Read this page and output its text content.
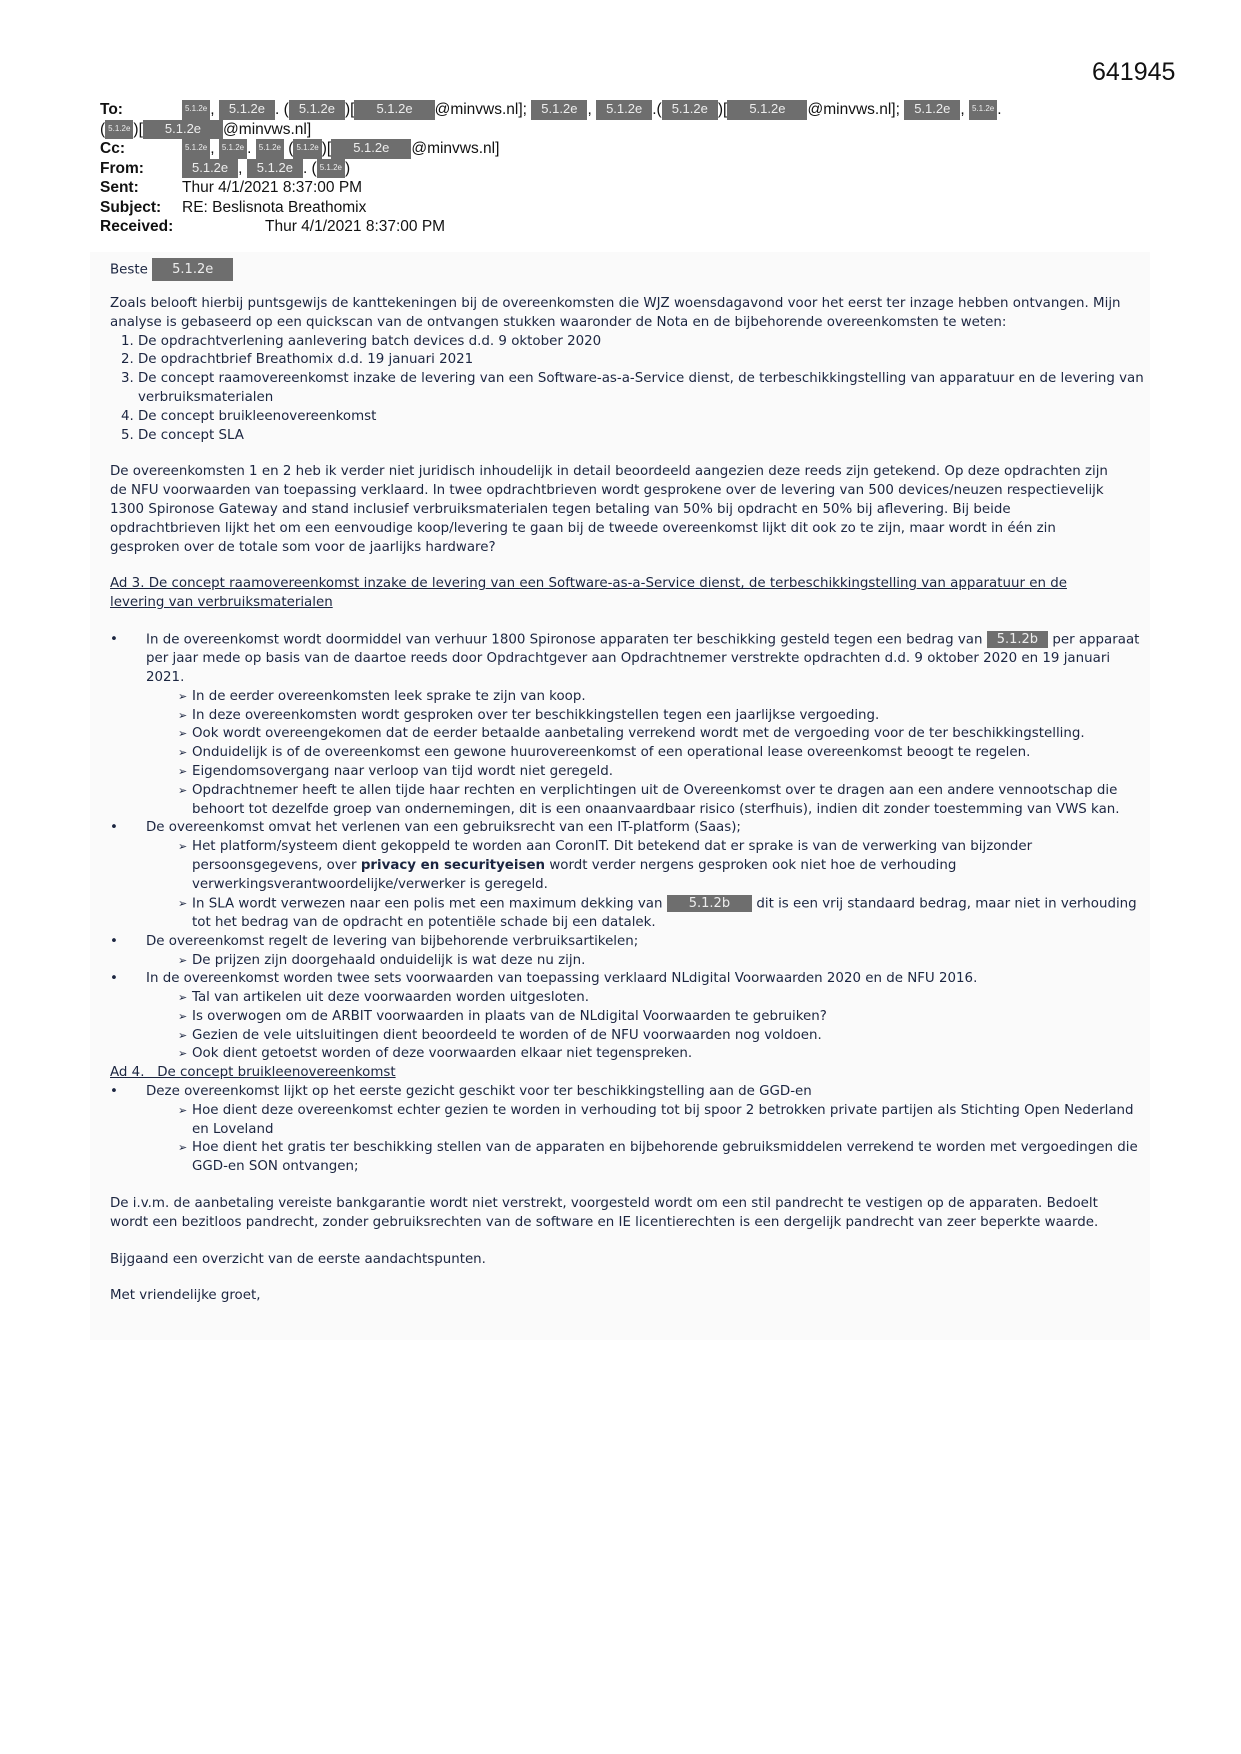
641945
To:	5.1.2e , 5.1.2e . ( 5.1.2e )[	5.1.2e	@minvws.nl];
	5.1.2e , 5.1.2e .( 5.1.2e )[	5.1.2e	@minvws.nl];
	5.1.2e , 5.1.2e .
( 5.1.2e )[	5.1.2e	@minvws.nl]
Cc:	5.1.2e , 5.1.2e . 5.1.2e ( 5.1.2e )[	5.1.2e	@minvws.nl]
From:	5.1.2e , 5.1.2e . ( 5.1.2e )
Sent:	Thur 4/1/2021 8:37:00 PM
Subject:	RE: Beslisnota Breathomix
Received:	Thur 4/1/2021 8:37:00 PM

Beste 5.1.2e

Zoals belooft hierbij puntsgewijs de kanttekeningen bij de overeenkomsten die WJZ woensdagavond voor het eerst ter inzage hebben ontvangen. Mijn analyse is gebaseerd op een quickscan van de ontvangen stukken waaronder de Nota en de bijbehorende overeenkomsten te weten:

1. De opdrachtverlening aanlevering batch devices d.d. 9 oktober 2020
2. De opdrachtbrief Breathomix d.d. 19 januari 2021
3. De concept raamovereenkomst inzake de levering van een Software-as-a-Service dienst, de terbeschikkingstelling van apparatuur en de levering van verbruiksmaterialen
4. De concept bruikleenovereenkomst
5. De concept SLA

De overeenkomsten 1 en 2 heb ik verder niet juridisch inhoudelijk in detail beoordeeld aangezien deze reeds zijn getekend. Op deze opdrachten zijn de NFU voorwaarden van toepassing verklaard. In twee opdrachtbrieven wordt gesprokene over de levering van 500 devices/neuzen respectievelijk 1300 Spironose Gateway and stand inclusief verbruiksmaterialen tegen betaling van 50% bij opdracht en 50% bij aflevering. Bij beide opdrachtbrieven lijkt het om een eenvoudige koop/levering te gaan bij de tweede overeenkomst lijkt dit ook zo te zijn, maar wordt in één zin gesproken over de totale som voor de jaarlijks hardware?

Ad 3. De concept raamovereenkomst inzake de levering van een Software-as-a-Service dienst, de terbeschikkingstelling van apparatuur en de levering van verbruiksmaterialen

• In de overeenkomst wordt doormiddel van verhuur 1800 Spironose apparaten ter beschikking gesteld tegen een bedrag van 5.1.2b per apparaat per jaar mede op basis van de daartoe reeds door Opdrachtgever aan Opdrachtnemer verstrekte opdrachten d.d. 9 oktober 2020 en 19 januari 2021.
➢ In de eerder overeenkomsten leek sprake te zijn van koop.
➢ In deze overeenkomsten wordt gesproken over ter beschikkingstellen tegen een jaarlijkse vergoeding.
➢ Ook wordt overeengekomen dat de eerder betaalde aanbetaling verrekend wordt met de vergoeding voor de ter beschikkingstelling.
➢ Onduidelijk is of de overeenkomst een gewone huurovereenkomst of een operational lease overeenkomst beoogt te regelen.
➢ Eigendomsovergang naar verloop van tijd wordt niet geregeld.
➢ Opdrachtnemer heeft te allen tijde haar rechten en verplichtingen uit de Overeenkomst over te dragen aan een andere vennootschap die behoort tot dezelfde groep van ondernemingen, dit is een onaanvaardbaar risico (sterfhuis), indien dit zonder toestemming van VWS kan.
• De overeenkomst omvat het verlenen van een gebruiksrecht van een IT-platform (Saas);
➢ Het platform/systeem dient gekoppeld te worden aan CoronIT. Dit betekend dat er sprake is van de verwerking van bijzonder persoonsgegevens, over privacy en securityeisen wordt verder nergens gesproken ook niet hoe de verhouding verwerkingsverantwoordelijke/verwerker is geregeld.
➢ In SLA wordt verwezen naar een polis met een maximum dekking van 5.1.2b dit is een vrij standaard bedrag, maar niet in verhouding tot het bedrag van de opdracht en potentiële schade bij een datalek.
• De overeenkomst regelt de levering van bijbehorende verbruiksartikelen;
➢ De prijzen zijn doorgehaald onduidelijk is wat deze nu zijn.
• In de overeenkomst worden twee sets voorwaarden van toepassing verklaard NLdigital Voorwaarden 2020 en de NFU 2016.
➢ Tal van artikelen uit deze voorwaarden worden uitgesloten.
➢ Is overwogen om de ARBIT voorwaarden in plaats van de NLdigital Voorwaarden te gebruiken?
➢ Gezien de vele uitsluitingen dient beoordeeld te worden of de NFU voorwaarden nog voldoen.
➢ Ook dient getoetst worden of deze voorwaarden elkaar niet tegenspreken.
Ad 4.   De concept bruikleenovereenkomst
• Deze overeenkomst lijkt op het eerste gezicht geschikt voor ter beschikkingstelling aan de GGD-en
➢ Hoe dient deze overeenkomst echter gezien te worden in verhouding tot bij spoor 2 betrokken private partijen als Stichting Open Nederland en Loveland
➢ Hoe dient het gratis ter beschikking stellen van de apparaten en bijbehorende gebruiksmiddelen verrekend te worden met vergoedingen die GGD-en SON ontvangen;

De i.v.m. de aanbetaling vereiste bankgarantie wordt niet verstrekt, voorgesteld wordt om een stil pandrecht te vestigen op de apparaten. Bedoelt wordt een bezitloos pandrecht, zonder gebruiksrechten van de software en IE licentierechten is een dergelijk pandrecht van zeer beperkte waarde.

Bijgaand een overzicht van de eerste aandachtspunten.

Met vriendelijke groet,
